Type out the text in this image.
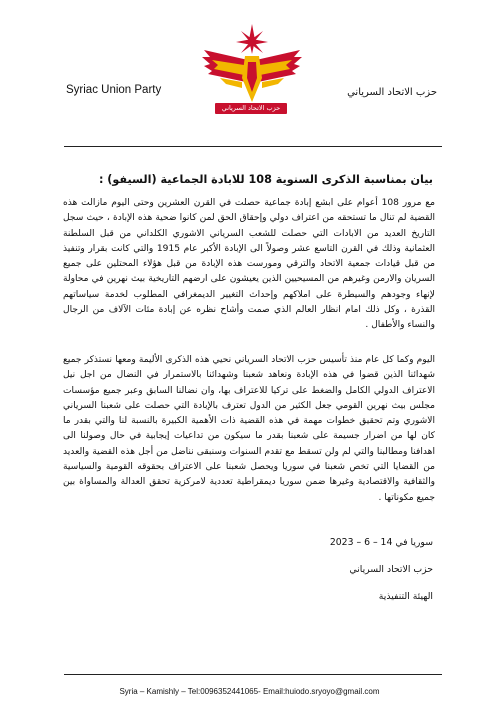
Syriac Union Party
حزب الاتحاد السرياني
حزب الاتحاد السرياني
بيان بمناسبة الذكرى السنوية 108 للابادة الجماعية (السيفو) :
مع مرور 108 أعوام على ابشع إبادة جماعية حصلت في القرن العشرين وحتى اليوم مازالت هذه القضية لم تنال ما تستحقه من اعتراف دولي وإحقاق الحق لمن كانوا ضحية هذه الإبادة ، حيث سجل التاريخ العديد من الابادات التي حصلت للشعب السرياني الاشوري الكلداني من قبل السلطنة العثمانية وذلك في القرن التاسع عشر وصولاً الى الإبادة الأكبر عام 1915 والتي كانت بقرار وتنفيذ من قبل قيادات جمعية الاتحاد والترقي ومورست هذه الإبادة من قبل هؤلاء المحتلين على جميع السريان والارمن وغيرهم من المسيحيين الذين يعيشون على ارضهم التاريخية بيث نهرين في محاولة لإنهاء وجودهم والسيطرة على املاكهم وإحداث التغيير الديمغرافي المطلوب لخدمة سياساتهم القذرة ، وكل ذلك امام انظار العالم الذي صمت وأشاح نظره عن إبادة مئات الآلاف من الرجال والنساء والأطفال .
اليوم وكما كل عام منذ تأسيس حزب الاتحاد السرياني نحيي هذه الذكرى الأليمة ومعها نستذكر جميع شهدائنا الذين قضوا في هذه الإبادة ونعاهد شعبنا وشهدائنا بالاستمرار في النضال من اجل نيل الاعتراف الدولي الكامل والضغط على تركيا للاعتراف بها، وان نضالنا السابق وعبر جميع مؤسسات مجلس بيث نهرين القومي جعل الكثير من الدول تعترف بالإبادة التي حصلت على شعبنا السرياني الاشوري وتم تحقيق خطوات مهمة في هذه القضية ذات الأهمية الكبيرة بالنسبة لنا والتي بقدر ما كان لها من اضرار جسيمة على شعبنا بقدر ما سيكون من تداعيات إيجابية في حال وصولنا الى اهدافنا ومطالبنا والتي لم ولن تسقط مع تقدم السنوات وسنبقى نناضل من أجل هذه القضية والعديد من القضايا التي تخص شعبنا في سوريا ويحصل شعبنا على الاعتراف بحقوقه القومية والسياسية والثقافية والاقتصادية وغيرها ضمن سوريا ديمقراطية تعددية لامركزية تحقق العدالة والمساواة بين جميع مكوناتها .
سوريا في 14 – 6 – 2023
حزب الاتحاد السرياني
الهيئة التنفيذية
Syria – Kamishly – Tel:0096352441065- Email:huiodo.sryoyo@gmail.com
